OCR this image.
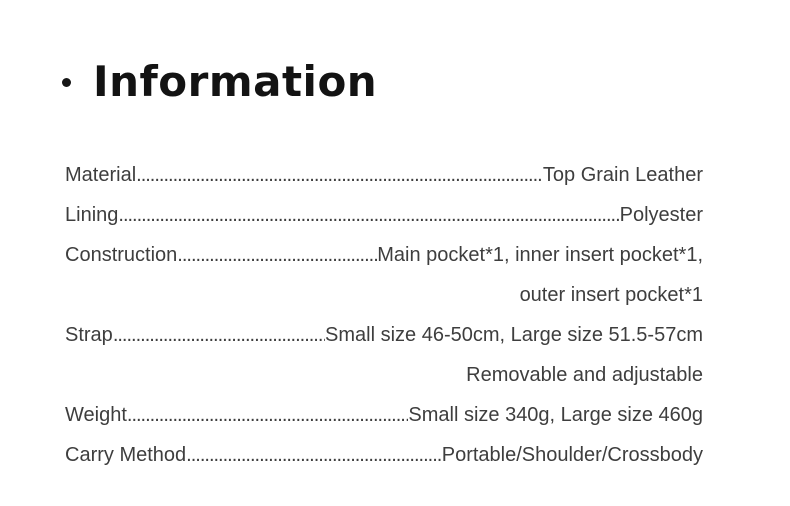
Information
Material .....	Top Grain Leather
Lining .....	Polyester
Construction .....	Main pocket*1, inner insert pocket*1,
outer insert pocket*1
Strap .....	Small size 46-50cm, Large size 51.5-57cm
Removable and adjustable
Weight .....	Small size 340g, Large size 460g
Carry Method .....	Portable/Shoulder/Crossbody
